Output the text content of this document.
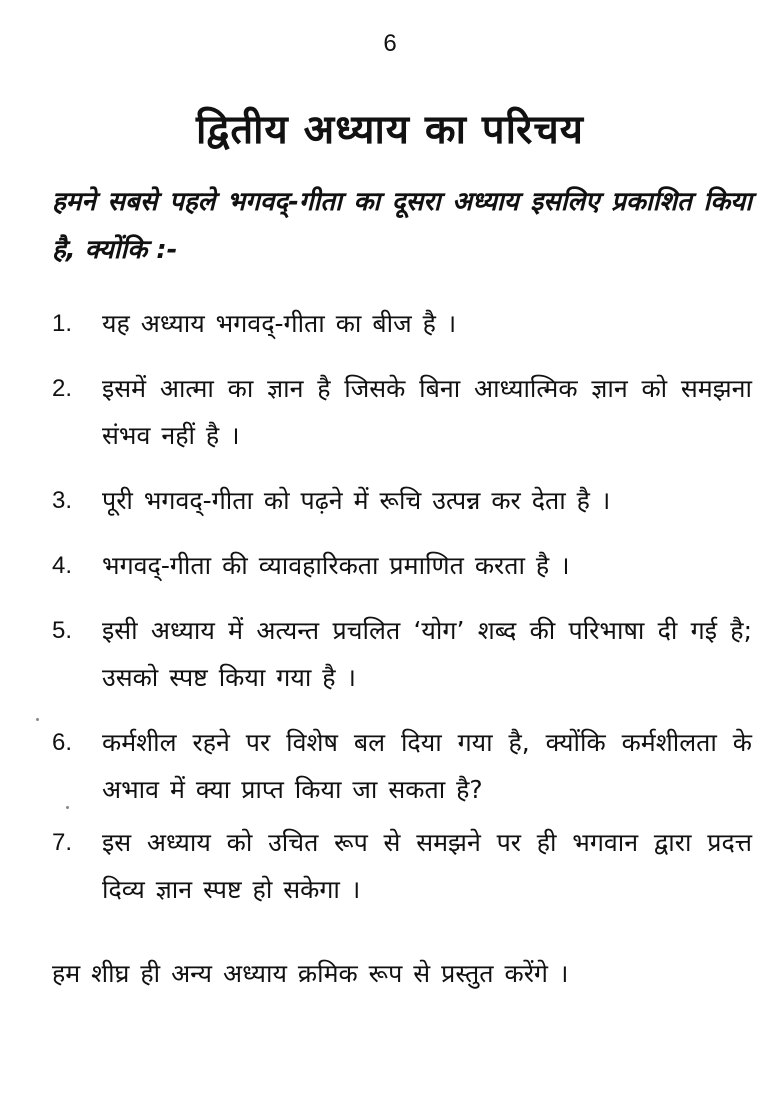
6
द्वितीय अध्याय का परिचय

हमने सबसे पहले भगवद्-गीता का दूसरा अध्याय इसलिए प्रकाशित किया है, क्योंकि :-

1.	यह अध्याय भगवद्-गीता का बीज है ।
2.	इसमें आत्मा का ज्ञान है जिसके बिना आध्यात्मिक ज्ञान को समझना संभव नहीं है ।
3.	पूरी भगवद्-गीता को पढ़ने में रूचि उत्पन्न कर देता है ।
4.	भगवद्-गीता की व्यावहारिकता प्रमाणित करता है ।
5.	इसी अध्याय में अत्यन्त प्रचलित ‘योग’ शब्द की परिभाषा दी गई है; उसको स्पष्ट किया गया है ।
6.	कर्मशील रहने पर विशेष बल दिया गया है, क्योंकि कर्मशीलता के अभाव में क्या प्राप्त किया जा सकता है?
7.	इस अध्याय को उचित रूप से समझने पर ही भगवान द्वारा प्रदत्त दिव्य ज्ञान स्पष्ट हो सकेगा ।

हम शीघ्र ही अन्य अध्याय क्रमिक रूप से प्रस्तुत करेंगे ।
